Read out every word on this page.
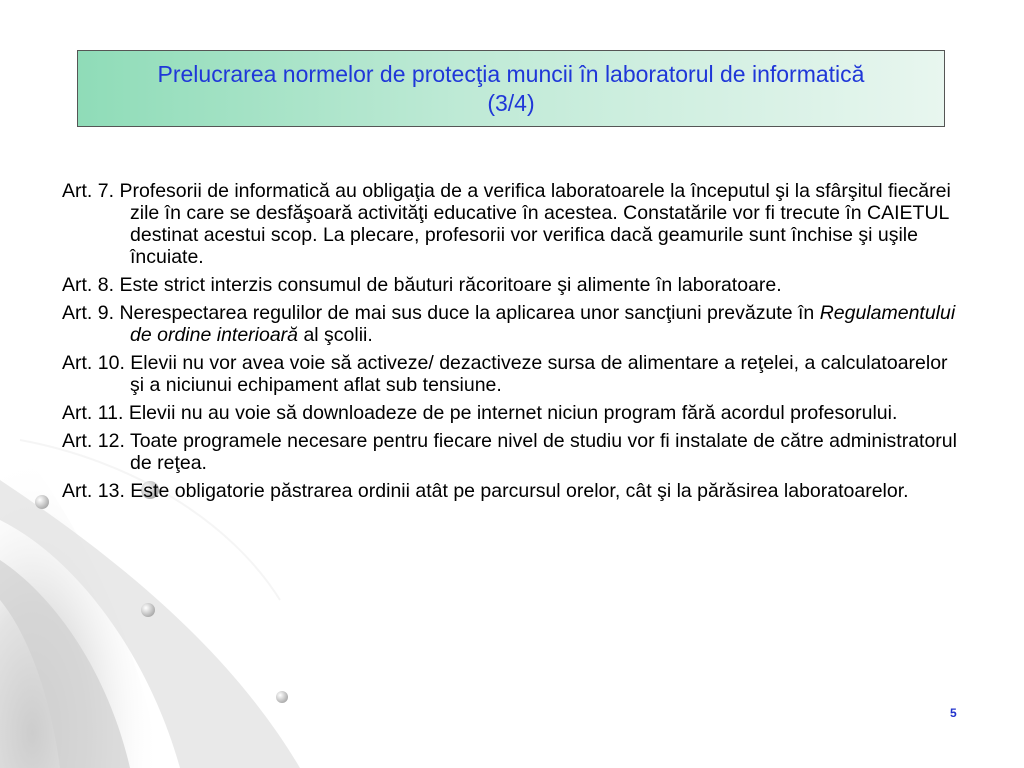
Prelucrarea normelor de protecţia muncii în laboratorul de informatică (3/4)

Art. 7. Profesorii de informatică au obligaţia de a verifica laboratoarele la începutul şi la sfârşitul fiecărei zile în care se desfăşoară activităţi educative în acestea. Constatările vor fi trecute în CAIETUL destinat acestui scop. La plecare, profesorii vor verifica dacă geamurile sunt închise şi uşile încuiate.

Art. 8. Este strict interzis consumul de băuturi răcoritoare şi alimente în laboratoare.

Art. 9. Nerespectarea regulilor de mai sus duce la aplicarea unor sancţiuni prevăzute în Regulamentului de ordine interioară al şcolii.

Art. 10. Elevii nu vor avea voie să activeze/ dezactiveze sursa de alimentare a reţelei, a calculatoarelor şi a niciunui echipament aflat sub tensiune.

Art. 11. Elevii nu au voie să downloadeze de pe internet niciun program fără acordul profesorului.

Art. 12. Toate programele necesare pentru fiecare nivel de studiu vor fi instalate de către administratorul de reţea.

Art. 13. Este obligatorie păstrarea ordinii atât pe parcursul orelor, cât şi la părăsirea laboratoarelor.

5
